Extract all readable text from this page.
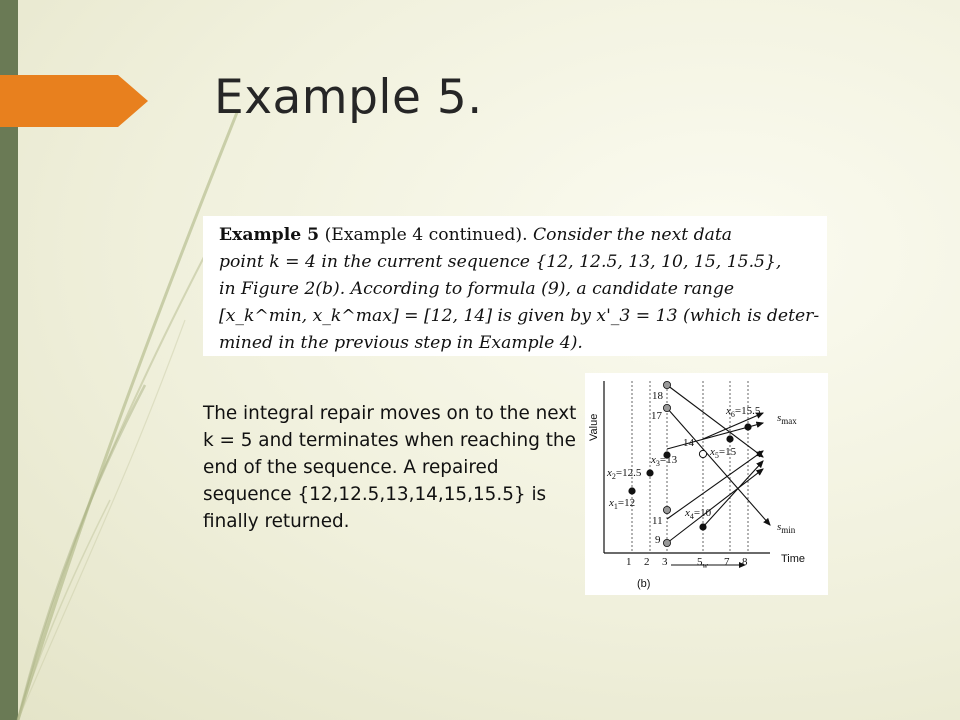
Example 5.
Example 5 (Example 4 continued). Consider the next data
point k = 4 in the current sequence {12, 12.5, 13, 10, 15, 15.5},
in Figure 2(b). According to formula (9), a candidate range
[x_k^min, x_k^max] = [12, 14] is given by x'_3 = 13 (which is deter-
mined in the previous step in Example 4).

The integral repair moves on to the next k = 5 and terminates when reaching the end of the sequence. A repaired sequence {12,12.5,13,14,15,15.5} is finally returned.

Value
Time
(b)
1 2 3	7 8
$5_w$
18
17
14
11
9
$x_6=15.5$
$x_5=15$
$x_3=13$
$x_2=12.5$
$x_4=10$
$x_1=12$
$s_{max}$
$s_{min}$
